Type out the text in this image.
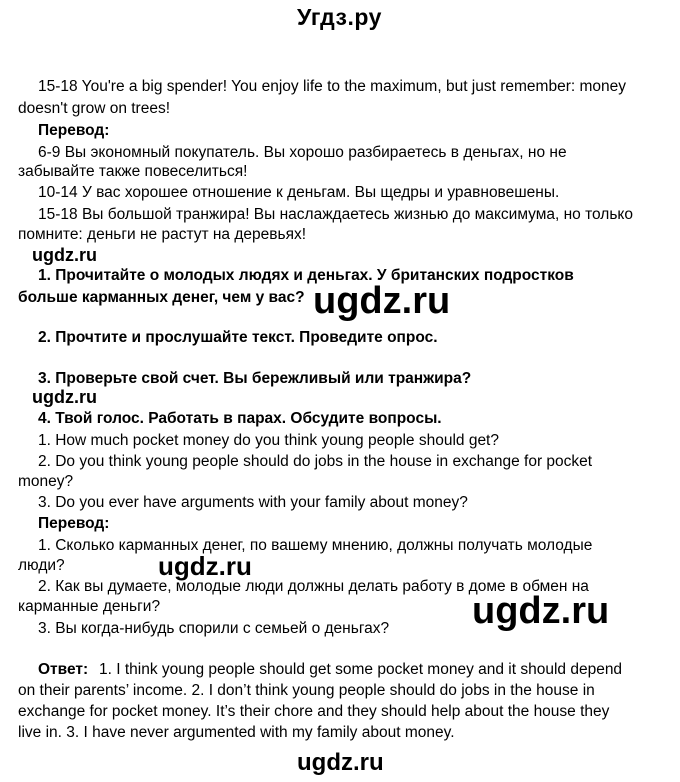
Угдз.ру
15-18 You're a big spender! You enjoy life to the maximum, but just remember: money
doesn't grow on trees!
Перевод:
6-9 Вы экономный покупатель. Вы хорошо разбираетесь в деньгах, но не
забывайте также повеселиться!
10-14 У вас хорошее отношение к деньгам. Вы щедры и уравновешены.
15-18 Вы большой транжира! Вы наслаждаетесь жизнью до максимума, но только
помните: деньги не растут на деревьях!
ugdz.ru
1. Прочитайте о молодых людях и деньгах. У британских подростков
больше карманных денег, чем у вас? ugdz.ru
2. Прочтите и прослушайте текст. Проведите опрос.
3. Проверьте свой счет. Вы бережливый или транжира?
ugdz.ru
4. Твой голос. Работать в парах. Обсудите вопросы.
1. How much pocket money do you think young people should get?
2. Do you think young people should do jobs in the house in exchange for pocket
money?
3. Do you ever have arguments with your family about money?
Перевод:
1. Сколько карманных денег, по вашему мнению, должны получать молодые
люди?	ugdz.ru
2. Как вы думаете, молодые люди должны делать работу в доме в обмен на
карманные деньги?	ugdz.ru
3. Вы когда-нибудь спорили с семьей о деньгах?
Ответ: 1. I think young people should get some pocket money and it should depend
on their parents’ income. 2. I don’t think young people should do jobs in the house in
exchange for pocket money. It’s their chore and they should help about the house they
live in. 3. I have never argumented with my family about money.
ugdz.ru
